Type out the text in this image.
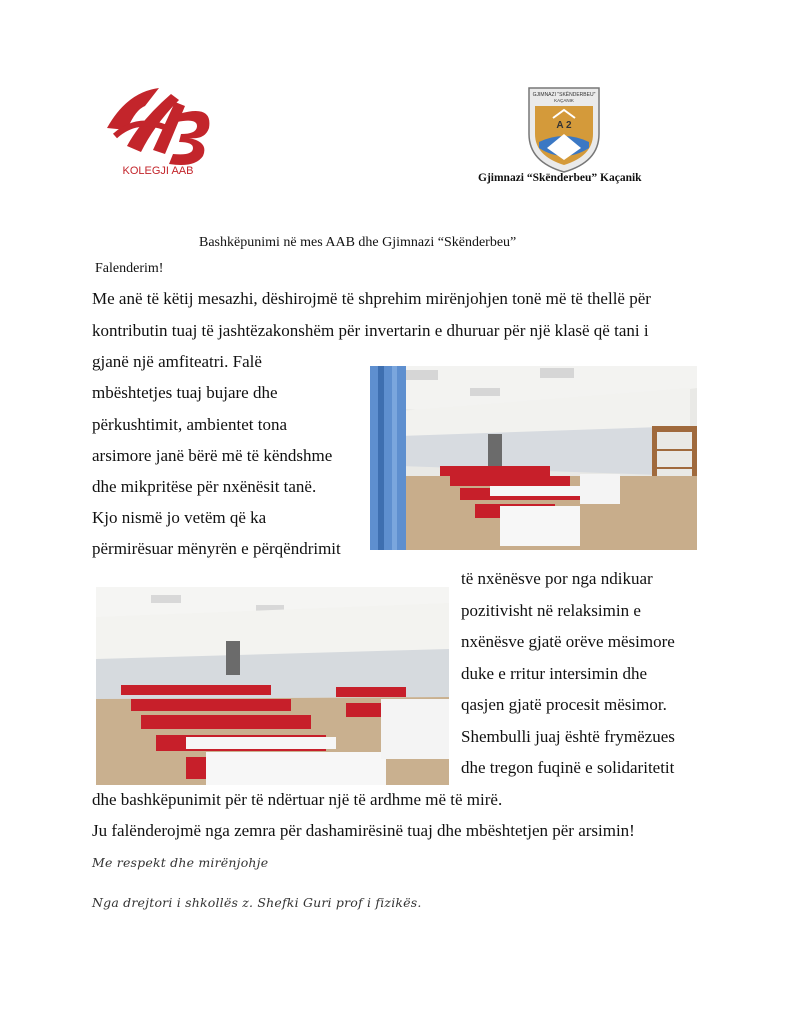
KOLEGJI AAB
GJIMNAZI "SKËNDERBEU"
KAÇANIK
A 2
Gjimnazi “Skënderbeu” Kaçanik
Bashkëpunimi në mes AAB dhe Gjimnazi “Skënderbeu”
Falenderim!
Me anë të këtij mesazhi, dëshirojmë të shprehim mirënjohjen tonë më të thellë për
kontributin tuaj të jashtëzakonshëm për invertarin e dhuruar për një klasë që tani i
gjanë një amfiteatri. Falë
mbështetjes tuaj bujare dhe
përkushtimit, ambientet tona
arsimore janë bërë më të këndshme
dhe mikpritëse për nxënësit tanë.
Kjo nismë jo vetëm që ka
përmirësuar mënyrën e përqëndrimit
të nxënësve por nga ndikuar
pozitivisht në relaksimin e
nxënësve gjatë orëve mësimore
duke e rritur intersimin dhe
qasjen gjatë procesit mësimor.
Shembulli juaj është frymëzues
dhe tregon fuqinë e solidaritetit
dhe bashkëpunimit për të ndërtuar një të ardhme më të mirë.
Ju falënderojmë nga zemra për dashamirësinë tuaj dhe mbështetjen për arsimin!
Me respekt dhe mirënjohje
Nga drejtori i shkollës z. Shefki Guri prof i fizikës.
